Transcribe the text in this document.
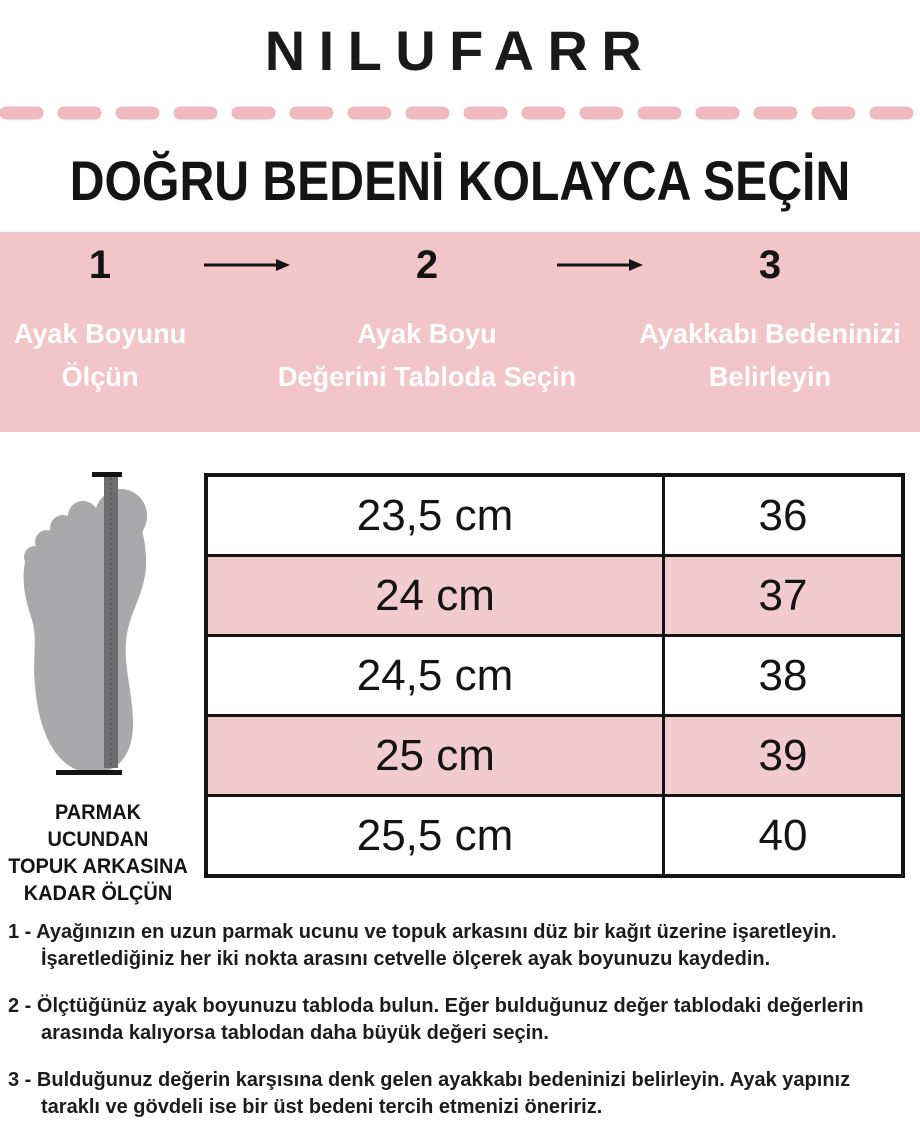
NILUFARR
DOĞRU BEDENİ KOLAYCA SEÇİN
1	2	3
Ayak Boyunu
Ölçün
Ayak Boyu
Değerini Tabloda Seçin
Ayakkabı Bedeninizi
Belirleyin
PARMAK UCUNDAN
TOPUK ARKASINA
KADAR ÖLÇÜN
23,5 cm	36
24 cm	37
24,5 cm	38
25 cm	39
25,5 cm	40

1 - Ayağınızın en uzun parmak ucunu ve topuk arkasını düz bir kağıt üzerine işaretleyin.
İşaretlediğiniz her iki nokta arasını cetvelle ölçerek ayak boyunuzu kaydedin.

2 - Ölçtüğünüz ayak boyunuzu tabloda bulun. Eğer bulduğunuz değer tablodaki değerlerin
arasında kalıyorsa tablodan daha büyük değeri seçin.

3 - Bulduğunuz değerin karşısına denk gelen ayakkabı bedeninizi belirleyin. Ayak yapınız
taraklı ve gövdeli ise bir üst bedeni tercih etmenizi öneririz.
